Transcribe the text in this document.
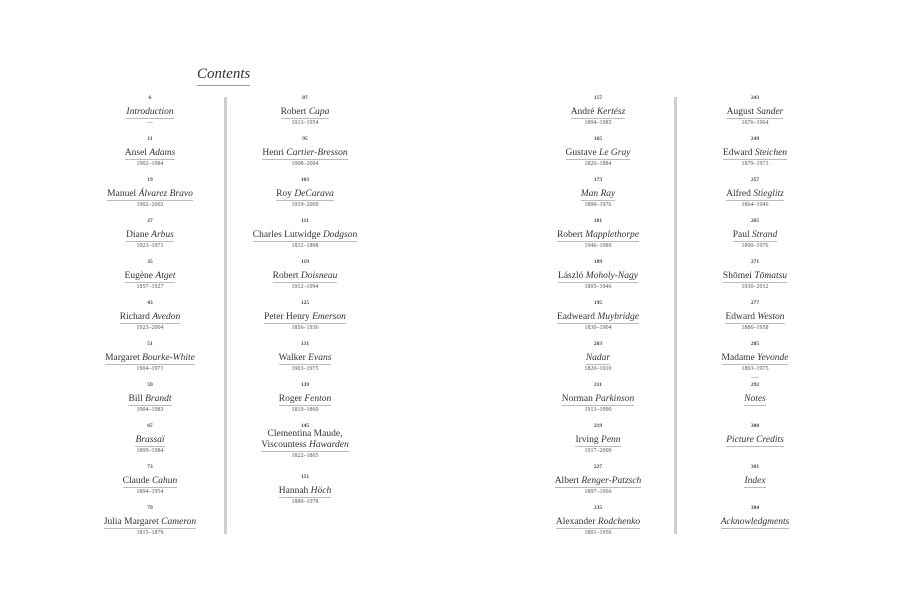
Contents
6
Introduction
—
11
Ansel Adams
1902–1984
19
Manuel Álvarez Bravo
1902–2002
27
Diane Arbus
1923–1971
35
Eugène Atget
1857–1927
43
Richard Avedon
1923–2004
51
Margaret Bourke-White
1904–1971
59
Bill Brandt
1904–1983
67
Brassaï
1899–1984
73
Claude Cahun
1894–1954
79
Julia Margaret Cameron
1815–1879
87
Robert Capa
1913–1954
95
Henri Cartier-Bresson
1908–2004
103
Roy DeCarava
1919–2009
111
Charles Lutwidge Dodgson
1832–1898
119
Robert Doisneau
1912–1994
125
Peter Henry Emerson
1856–1936
131
Walker Evans
1903–1975
139
Roger Fenton
1819–1869
145
Clementina Maude,
Viscountess Hawarden
1822–1865
151
Hannah Höch
1889–1978
157
André Kertész
1894–1985
165
Gustave Le Gray
1820–1884
173
Man Ray
1890–1976
181
Robert Mapplethorpe
1946–1989
189
László Moholy-Nagy
1895–1946
195
Eadweard Muybridge
1830–1904
203
Nadar
1820–1910
211
Norman Parkinson
1913–1990
219
Irving Penn
1917–2009
227
Albert Renger-Patzsch
1897–1966
235
Alexander Rodchenko
1891–1956
243
August Sander
1876–1964
249
Edward Steichen
1879–1973
257
Alfred Stieglitz
1864–1946
265
Paul Strand
1890–1976
271
Shōmei Tōmatsu
1930–2012
277
Edward Weston
1886–1958
285
Madame Yevonde
1893–1975
—
292
Notes
300
Picture Credits
301
Index
304
Acknowledgments
